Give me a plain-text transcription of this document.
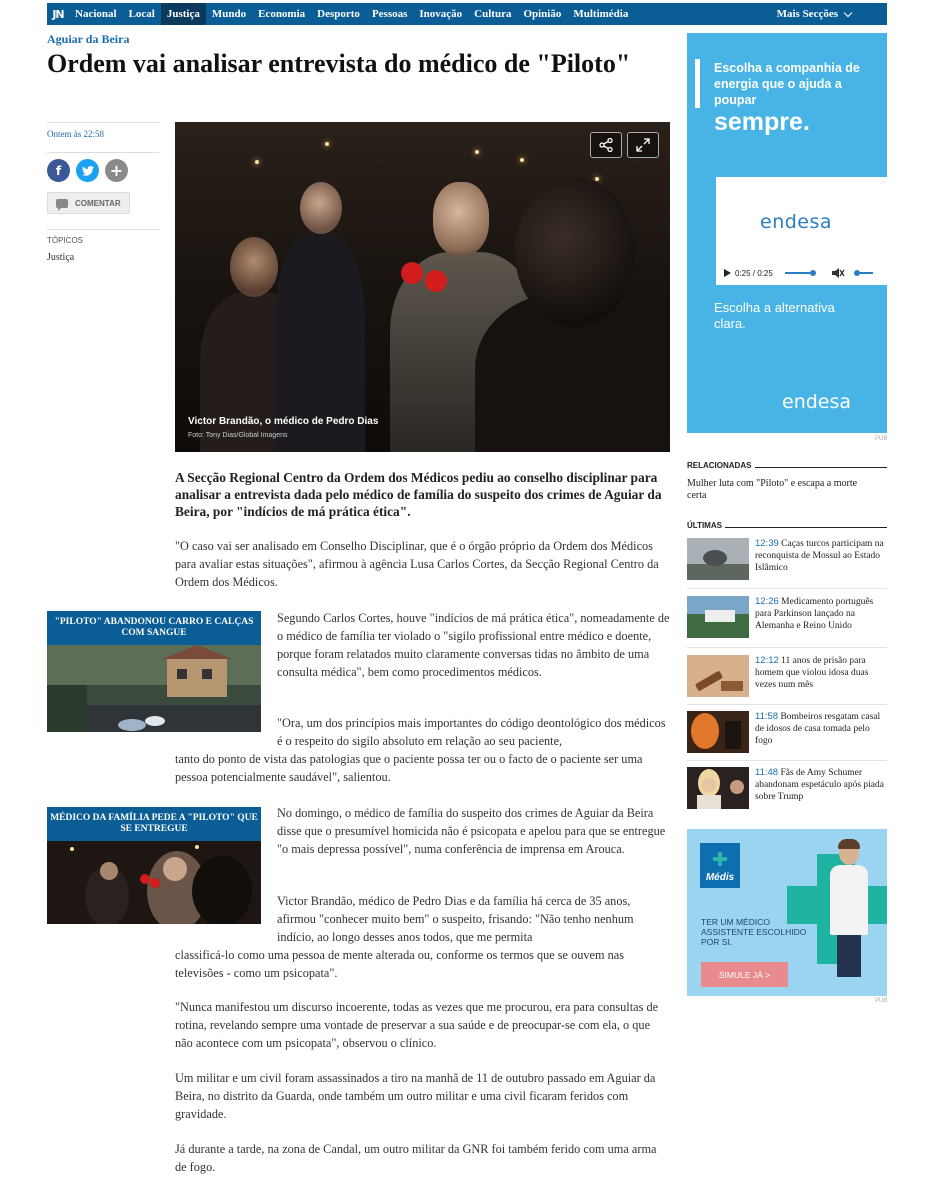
JN	Nacional	Local	Justiça	Mundo	Economia	Desporto	Pessoas	Inovação	Cultura	Opinião	Multimédia	Mais Secções
Aguiar da Beira
Ordem vai analisar entrevista do médico de "Piloto"
Ontem às 22:58
f	+
COMENTAR
TÓPICOS
Justiça
Victor Brandão, o médico de Pedro Dias
Foto: Tony Dias/Global Imagens

A Secção Regional Centro da Ordem dos Médicos pediu ao conselho disciplinar para analisar a entrevista dada pelo médico de família do suspeito dos crimes de Aguiar da Beira, por "indícios de má prática ética".

"O caso vai ser analisado em Conselho Disciplinar, que é o órgão próprio da Ordem dos Médicos para avaliar estas situações", afirmou à agência Lusa Carlos Cortes, da Secção Regional Centro da Ordem dos Médicos.

"PILOTO" ABANDONOU CARRO E CALÇAS COM SANGUE

Segundo Carlos Cortes, houve "indícios de má prática ética", nomeadamente de o médico de família ter violado o "sigilo profissional entre médico e doente, porque foram relatados muito claramente conversas tidas no âmbito de uma consulta médica", bem como procedimentos médicos.

"Ora, um dos princípios mais importantes do código deontológico dos médicos é o respeito do sigilo absoluto em relação ao seu paciente,

tanto do ponto de vista das patologias que o paciente possa ter ou o facto de o paciente ser uma pessoa potencialmente saudável", salientou.

MÉDICO DA FAMÍLIA PEDE A "PILOTO" QUE SE ENTREGUE

No domingo, o médico de família do suspeito dos crimes de Aguiar da Beira disse que o presumível homicida não é psicopata e apelou para que se entregue "o mais depressa possível", numa conferência de imprensa em Arouca.

Victor Brandão, médico de Pedro Dias e da família há cerca de 35 anos, afirmou "conhecer muito bem" o suspeito, frisando: "Não tenho nenhum indício, ao longo desses anos todos, que me permita

classificá-lo como uma pessoa de mente alterada ou, conforme os termos que se ouvem nas televisões - como um psicopata".

"Nunca manifestou um discurso incoerente, todas as vezes que me procurou, era para consultas de rotina, revelando sempre uma vontade de preservar a sua saúde e de preocupar-se com ela, o que não acontece com um psicopata", observou o clínico.

Um militar e um civil foram assassinados a tiro na manhã de 11 de outubro passado em Aguiar da Beira, no distrito da Guarda, onde também um outro militar e uma civil ficaram feridos com gravidade.

Já durante a tarde, na zona de Candal, um outro militar da GNR foi também ferido com uma arma de fogo.

Escolha a companhia de energia que o ajuda a poupar
sempre.
endesa
0:25 / 0:25
Escolha a alternativa clara.
endesa
PUB
RELACIONADAS
Mulher luta com "Piloto" e escapa a morte certa
ÚLTIMAS
12:39 Caças turcos participam na reconquista de Mossul ao Estado Islâmico
12:26 Medicamento português para Parkinson lançado na Alemanha e Reino Unido
12:12 11 anos de prisão para homem que violou idosa duas vezes num mês
11:58 Bombeiros resgatam casal de idosos de casa tomada pelo fogo
11:48 Fãs de Amy Schumer abandonam espetáculo após piada sobre Trump
Médis
TER UM MÉDICO ASSISTENTE ESCOLHIDO POR SI.
SIMULE JÁ >
PUB
